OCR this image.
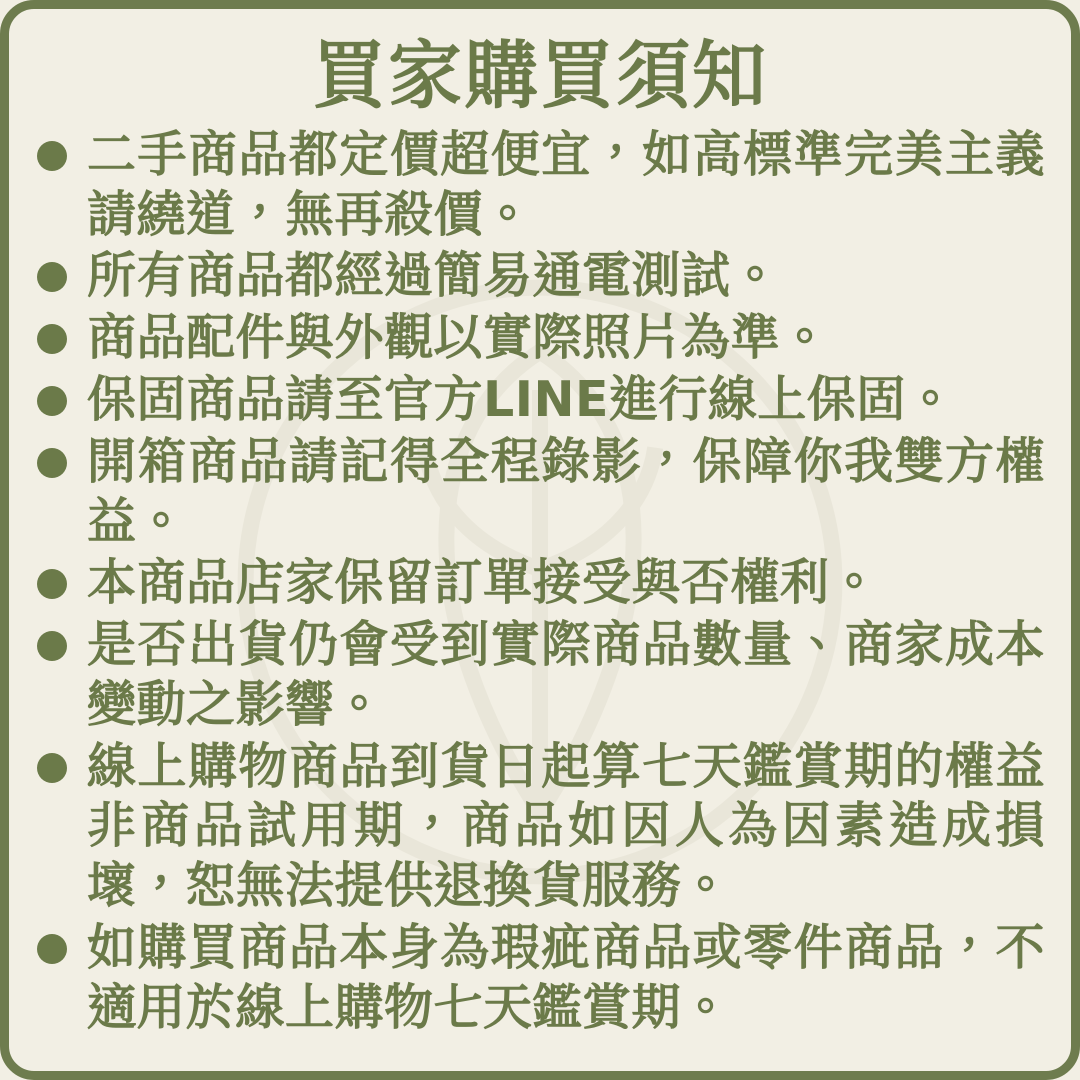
買家購買須知
二手商品都定價超便宜，如高標準完美主義請繞道，無再殺價。
所有商品都經過簡易通電測試。
商品配件與外觀以實際照片為準。
保固商品請至官方LINE進行線上保固。
開箱商品請記得全程錄影，保障你我雙方權益。
本商品店家保留訂單接受與否權利。
是否出貨仍會受到實際商品數量、商家成本變動之影響。
線上購物商品到貨日起算七天鑑賞期的權益非商品試用期，商品如因人為因素造成損壞，恕無法提供退換貨服務。
如購買商品本身為瑕疵商品或零件商品，不適用於線上購物七天鑑賞期。
